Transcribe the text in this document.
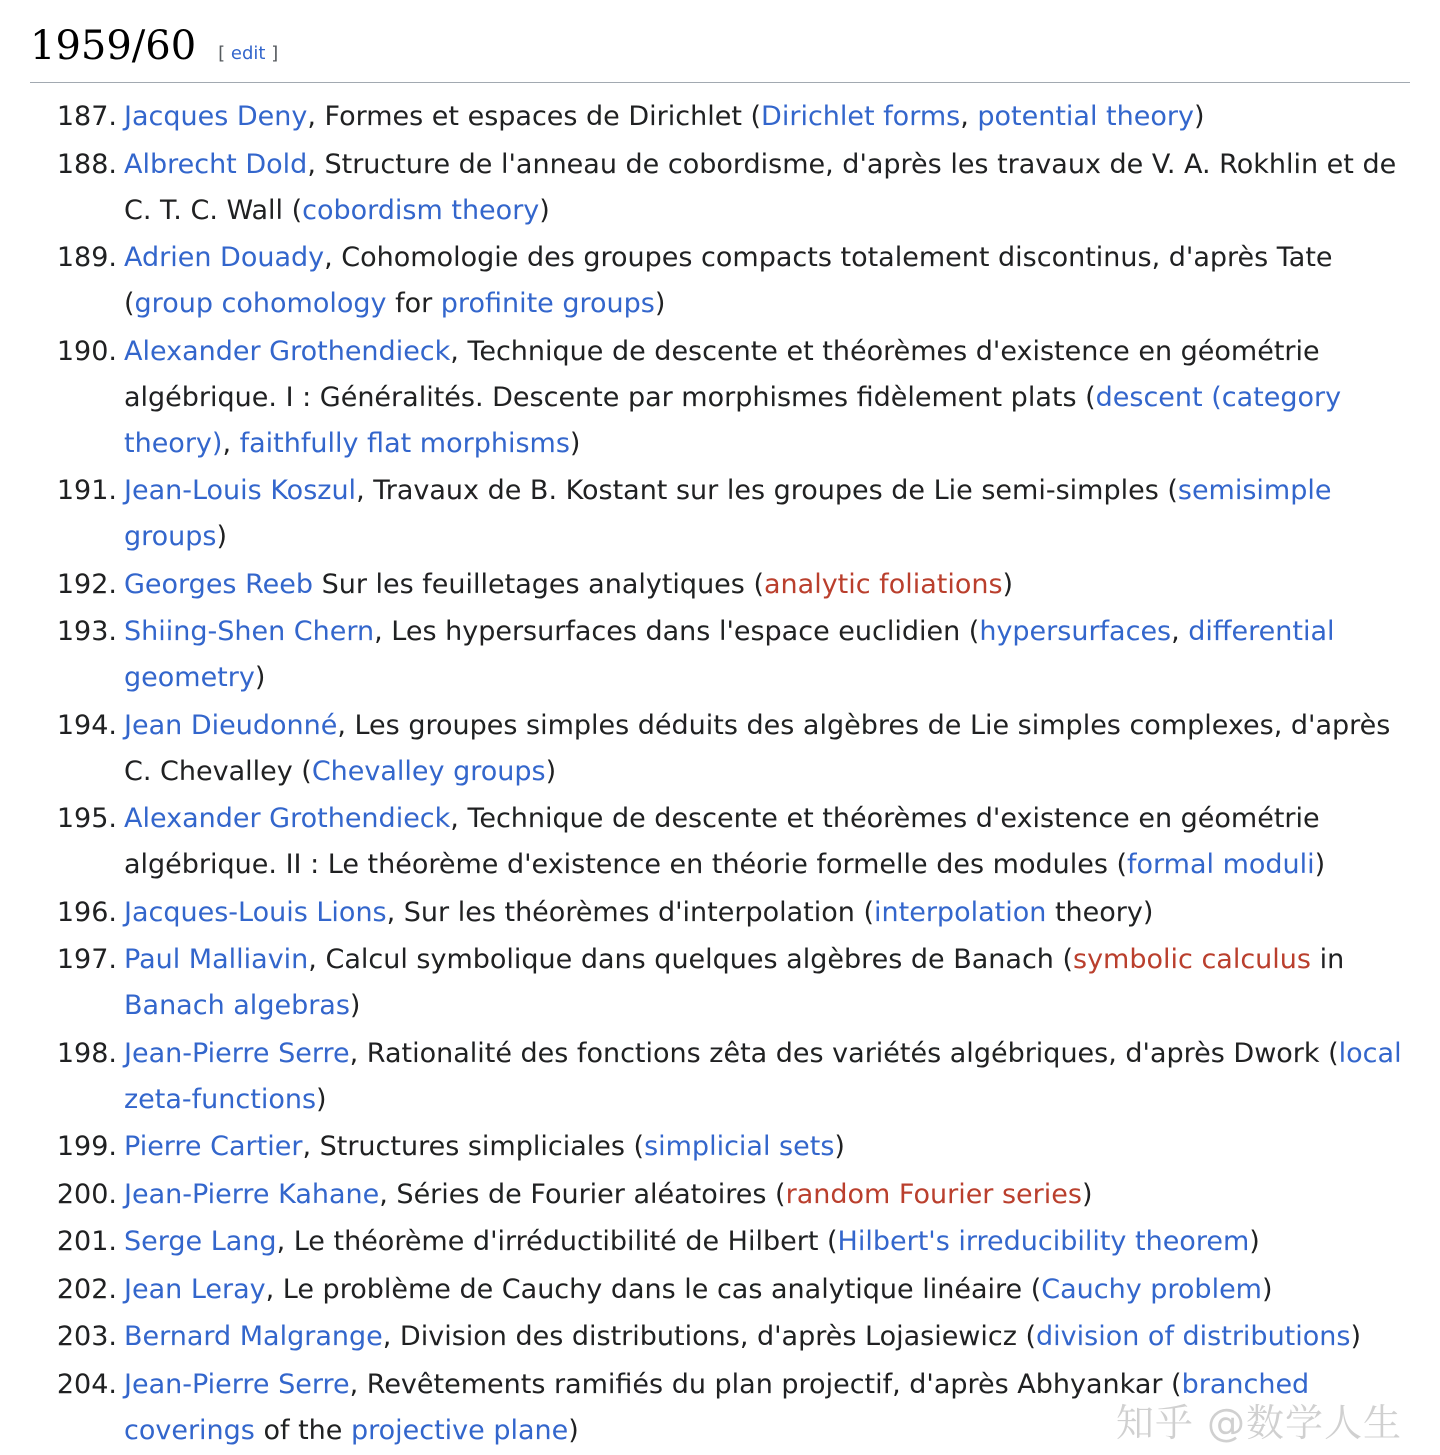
1959/60 [ edit ]
187. Jacques Deny, Formes et espaces de Dirichlet (Dirichlet forms, potential theory)
188. Albrecht Dold, Structure de l'anneau de cobordisme, d'après les travaux de V. A. Rokhlin et de C. T. C. Wall (cobordism theory)
189. Adrien Douady, Cohomologie des groupes compacts totalement discontinus, d'après Tate (group cohomology for profinite groups)
190. Alexander Grothendieck, Technique de descente et théorèmes d'existence en géométrie algébrique. I : Généralités. Descente par morphismes fidèlement plats (descent (category theory), faithfully flat morphisms)
191. Jean-Louis Koszul, Travaux de B. Kostant sur les groupes de Lie semi-simples (semisimple groups)
192. Georges Reeb Sur les feuilletages analytiques (analytic foliations)
193. Shiing-Shen Chern, Les hypersurfaces dans l'espace euclidien (hypersurfaces, differential geometry)
194. Jean Dieudonné, Les groupes simples déduits des algèbres de Lie simples complexes, d'après C. Chevalley (Chevalley groups)
195. Alexander Grothendieck, Technique de descente et théorèmes d'existence en géométrie algébrique. II : Le théorème d'existence en théorie formelle des modules (formal moduli)
196. Jacques-Louis Lions, Sur les théorèmes d'interpolation (interpolation theory)
197. Paul Malliavin, Calcul symbolique dans quelques algèbres de Banach (symbolic calculus in Banach algebras)
198. Jean-Pierre Serre, Rationalité des fonctions zêta des variétés algébriques, d'après Dwork (local zeta-functions)
199. Pierre Cartier, Structures simpliciales (simplicial sets)
200. Jean-Pierre Kahane, Séries de Fourier aléatoires (random Fourier series)
201. Serge Lang, Le théorème d'irréductibilité de Hilbert (Hilbert's irreducibility theorem)
202. Jean Leray, Le problème de Cauchy dans le cas analytique linéaire (Cauchy problem)
203. Bernard Malgrange, Division des distributions, d'après Lojasiewicz (division of distributions)
204. Jean-Pierre Serre, Revêtements ramifiés du plan projectif, d'après Abhyankar (branched coverings of the projective plane)	知乎 @数学人生
